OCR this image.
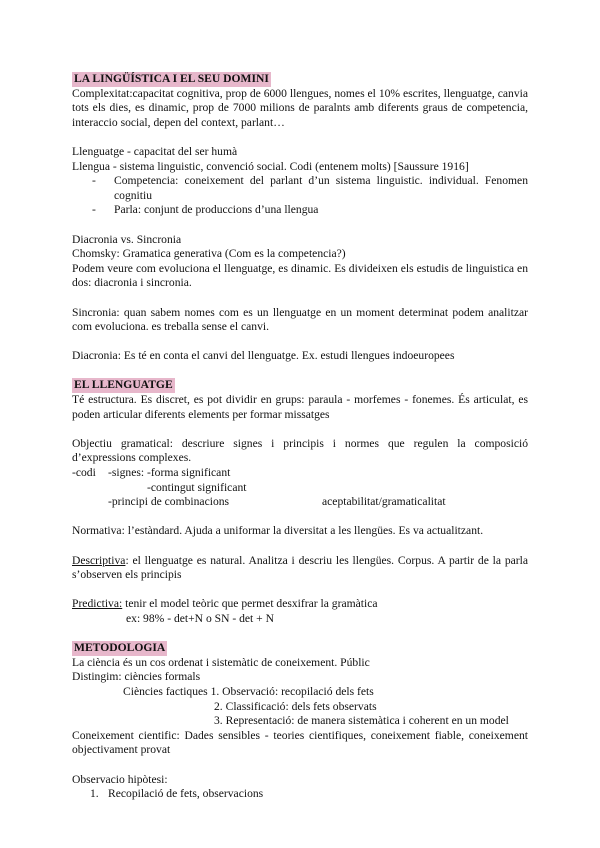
LA LINGÜÍSTICA I EL SEU DOMINI

Complexitat:capacitat cognitiva, prop de 6000 llengues, nomes el 10% escrites, llenguatge, canvia tots els dies, es dinamic, prop de 7000 milions de paralnts amb diferents graus de competencia, interaccio social, depen del context, parlant…

Llenguatge - capacitat del ser humà

Llengua - sistema linguistic, convenció social. Codi (entenem molts) [Saussure 1916]

- Competencia: coneixement del parlant d’un sistema linguistic. individual. Fenomen cognitiu
- Parla: conjunt de produccions d’una llengua

Diacronia vs. Sincronia

Chomsky: Gramatica generativa (Com es la competencia?)

Podem veure com evoluciona el llenguatge, es dinamic. Es divideixen els estudis de linguistica en dos: diacronia i sincronia.

Sincronia: quan sabem nomes com es un llenguatge en un moment determinat podem analitzar com evoluciona. es treballa sense el canvi.

Diacronia: Es té en conta el canvi del llenguatge. Ex. estudi llengues indoeuropees

EL LLENGUATGE

Té estructura. Es discret, es pot dividir en grups: paraula - morfemes - fonemes. És articulat, es poden articular diferents elements per formar missatges

Objectiu gramatical: descriure signes i principis i normes que regulen la composició d’expressions complexes.

-codi -signes: -forma significant
-contingut significant
-principi de combinacions	aceptabilitat/gramaticalitat

Normativa: l’estàndard. Ajuda a uniformar la diversitat a les llengües. Es va actualitzant.

Descriptiva: el llenguatge es natural. Analitza i descriu les llengües. Corpus. A partir de la parla s’observen els principis

Predictiva: tenir el model teòric que permet desxifrar la gramàtica

ex: 98% - det+N o SN - det + N

METODOLOGIA

La ciència és un cos ordenat i sistemàtic de coneixement. Públic

Distingim: ciències formals

Ciències factiques 1. Observació: recopilació dels fets
2. Classificació: dels fets observats
3. Representació: de manera sistemàtica i coherent en un model

Coneixement cientific: Dades sensibles - teories cientifiques, coneixement fiable, coneixement objectivament provat

Observacio hipòtesi:

1. Recopilació de fets, observacions
